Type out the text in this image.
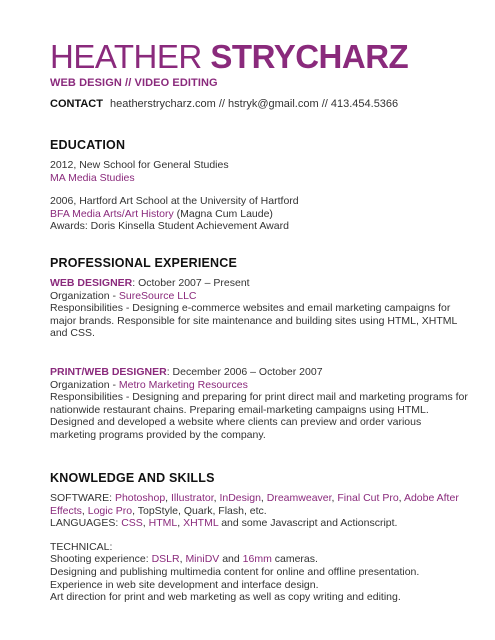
HEATHER STRYCHARZ
WEB DESIGN // VIDEO EDITING
CONTACT heatherstrycharz.com // hstryk@gmail.com // 413.454.5366
EDUCATION

2012, New School for General Studies

MA Media Studies

2006, Hartford Art School at the University of Hartford

BFA Media Arts/Art History (Magna Cum Laude)

Awards: Doris Kinsella Student Achievement Award

PROFESSIONAL EXPERIENCE

WEB DESIGNER: October 2007 – Present

Organization - SureSource LLC

Responsibilities - Designing e-commerce websites and email marketing campaigns for major brands. Responsible for site maintenance and building sites using HTML, XHTML and CSS.

PRINT/WEB DESIGNER: December 2006 – October 2007

Organization - Metro Marketing Resources

Responsibilities - Designing and preparing for print direct mail and marketing programs for nationwide restaurant chains. Preparing email-marketing campaigns using HTML. Designed and developed a website where clients can preview and order various marketing programs provided by the company.

KNOWLEDGE AND SKILLS

SOFTWARE: Photoshop, Illustrator, InDesign, Dreamweaver, Final Cut Pro, Adobe After Effects, Logic Pro, TopStyle, Quark, Flash, etc.

LANGUAGES: CSS, HTML, XHTML and some Javascript and Actionscript.

TECHNICAL:

Shooting experience: DSLR, MiniDV and 16mm cameras.

Designing and publishing multimedia content for online and offline presentation.

Experience in web site development and interface design.

Art direction for print and web marketing as well as copy writing and editing.
